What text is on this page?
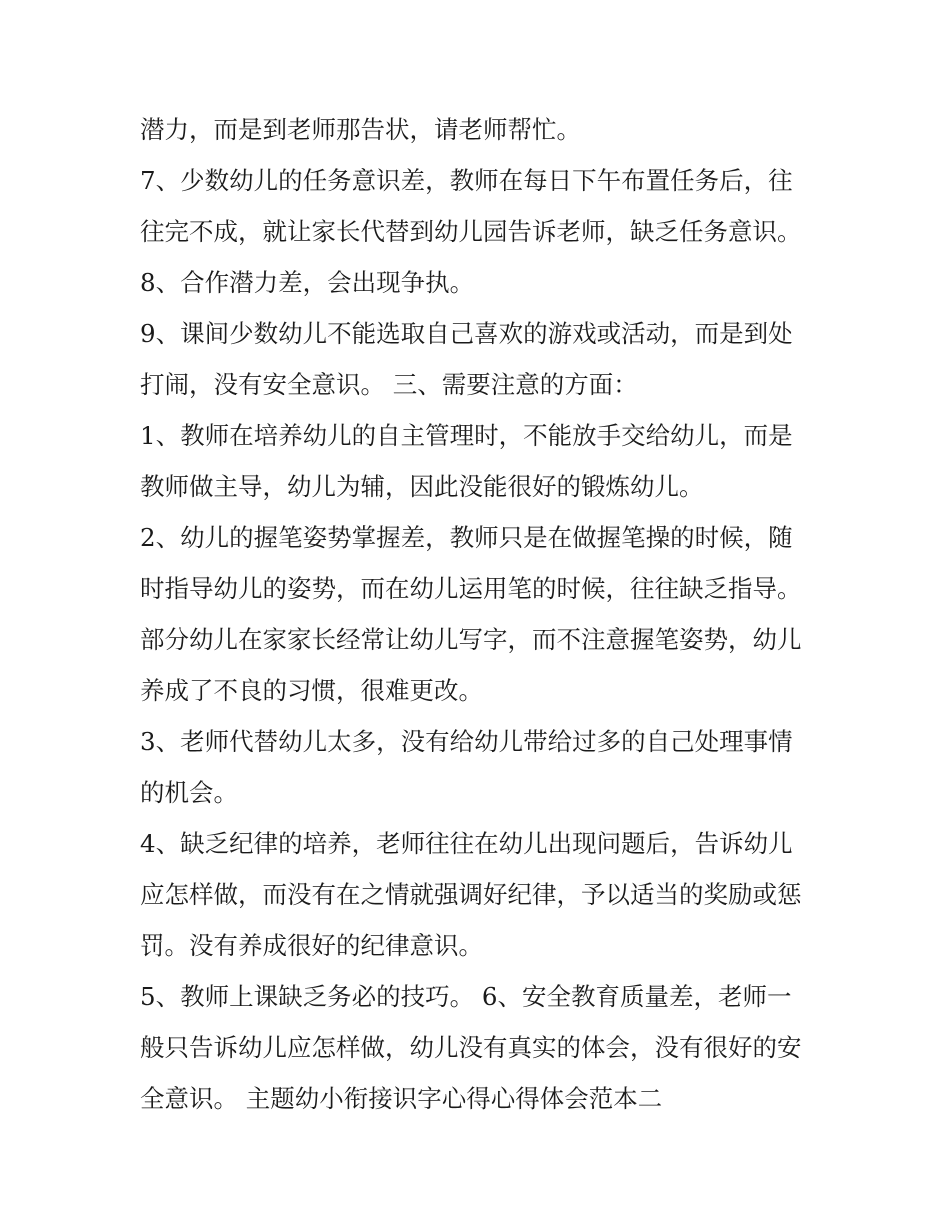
潜力，而是到老师那告状，请老师帮忙。
7、少数幼儿的任务意识差，教师在每日下午布置任务后，往
往完不成，就让家长代替到幼儿园告诉老师，缺乏任务意识。
8、合作潜力差，会出现争执。
9、课间少数幼儿不能选取自己喜欢的游戏或活动，而是到处
打闹，没有安全意识。 三、需要注意的方面：
1、教师在培养幼儿的自主管理时，不能放手交给幼儿，而是
教师做主导，幼儿为辅，因此没能很好的锻炼幼儿。
2、幼儿的握笔姿势掌握差，教师只是在做握笔操的时候，随
时指导幼儿的姿势，而在幼儿运用笔的时候，往往缺乏指导。
部分幼儿在家家长经常让幼儿写字，而不注意握笔姿势，幼儿
养成了不良的习惯，很难更改。
3、老师代替幼儿太多，没有给幼儿带给过多的自己处理事情
的机会。
4、缺乏纪律的培养，老师往往在幼儿出现问题后，告诉幼儿
应怎样做，而没有在之情就强调好纪律，予以适当的奖励或惩
罚。没有养成很好的纪律意识。
5、教师上课缺乏务必的技巧。 6、安全教育质量差，老师一
般只告诉幼儿应怎样做，幼儿没有真实的体会，没有很好的安
全意识。 主题幼小衔接识字心得心得体会范本二
